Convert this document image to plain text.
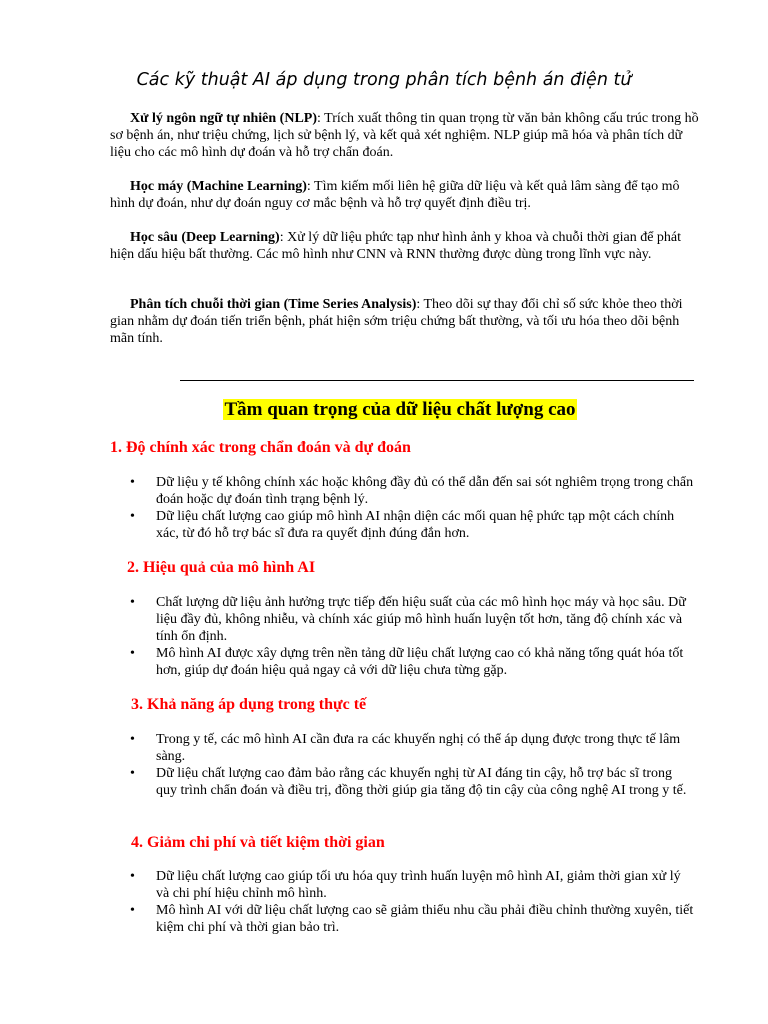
Các kỹ thuật AI áp dụng trong phân tích bệnh án điện tử

Xử lý ngôn ngữ tự nhiên (NLP): Trích xuất thông tin quan trọng từ văn bản không cấu trúc trong hồ sơ bệnh án, như triệu chứng, lịch sử bệnh lý, và kết quả xét nghiệm. NLP giúp mã hóa và phân tích dữ liệu cho các mô hình dự đoán và hỗ trợ chẩn đoán.

Học máy (Machine Learning): Tìm kiếm mối liên hệ giữa dữ liệu và kết quả lâm sàng để tạo mô hình dự đoán, như dự đoán nguy cơ mắc bệnh và hỗ trợ quyết định điều trị.

Học sâu (Deep Learning): Xử lý dữ liệu phức tạp như hình ảnh y khoa và chuỗi thời gian để phát hiện dấu hiệu bất thường. Các mô hình như CNN và RNN thường được dùng trong lĩnh vực này.

Phân tích chuỗi thời gian (Time Series Analysis): Theo dõi sự thay đổi chỉ số sức khỏe theo thời gian nhằm dự đoán tiến triển bệnh, phát hiện sớm triệu chứng bất thường, và tối ưu hóa theo dõi bệnh mãn tính.

Tầm quan trọng của dữ liệu chất lượng cao
1. Độ chính xác trong chẩn đoán và dự đoán
• Dữ liệu y tế không chính xác hoặc không đầy đủ có thể dẫn đến sai sót nghiêm trọng trong chẩn đoán hoặc dự đoán tình trạng bệnh lý.
• Dữ liệu chất lượng cao giúp mô hình AI nhận diện các mối quan hệ phức tạp một cách chính xác, từ đó hỗ trợ bác sĩ đưa ra quyết định đúng đắn hơn.
2. Hiệu quả của mô hình AI
• Chất lượng dữ liệu ảnh hưởng trực tiếp đến hiệu suất của các mô hình học máy và học sâu. Dữ liệu đầy đủ, không nhiễu, và chính xác giúp mô hình huấn luyện tốt hơn, tăng độ chính xác và tính ổn định.
• Mô hình AI được xây dựng trên nền tảng dữ liệu chất lượng cao có khả năng tổng quát hóa tốt hơn, giúp dự đoán hiệu quả ngay cả với dữ liệu chưa từng gặp.
3. Khả năng áp dụng trong thực tế
• Trong y tế, các mô hình AI cần đưa ra các khuyến nghị có thể áp dụng được trong thực tế lâm sàng.
• Dữ liệu chất lượng cao đảm bảo rằng các khuyến nghị từ AI đáng tin cậy, hỗ trợ bác sĩ trong quy trình chẩn đoán và điều trị, đồng thời giúp gia tăng độ tin cậy của công nghệ AI trong y tế.
4. Giảm chi phí và tiết kiệm thời gian
• Dữ liệu chất lượng cao giúp tối ưu hóa quy trình huấn luyện mô hình AI, giảm thời gian xử lý và chi phí hiệu chỉnh mô hình.
• Mô hình AI với dữ liệu chất lượng cao sẽ giảm thiểu nhu cầu phải điều chỉnh thường xuyên, tiết kiệm chi phí và thời gian bảo trì.
